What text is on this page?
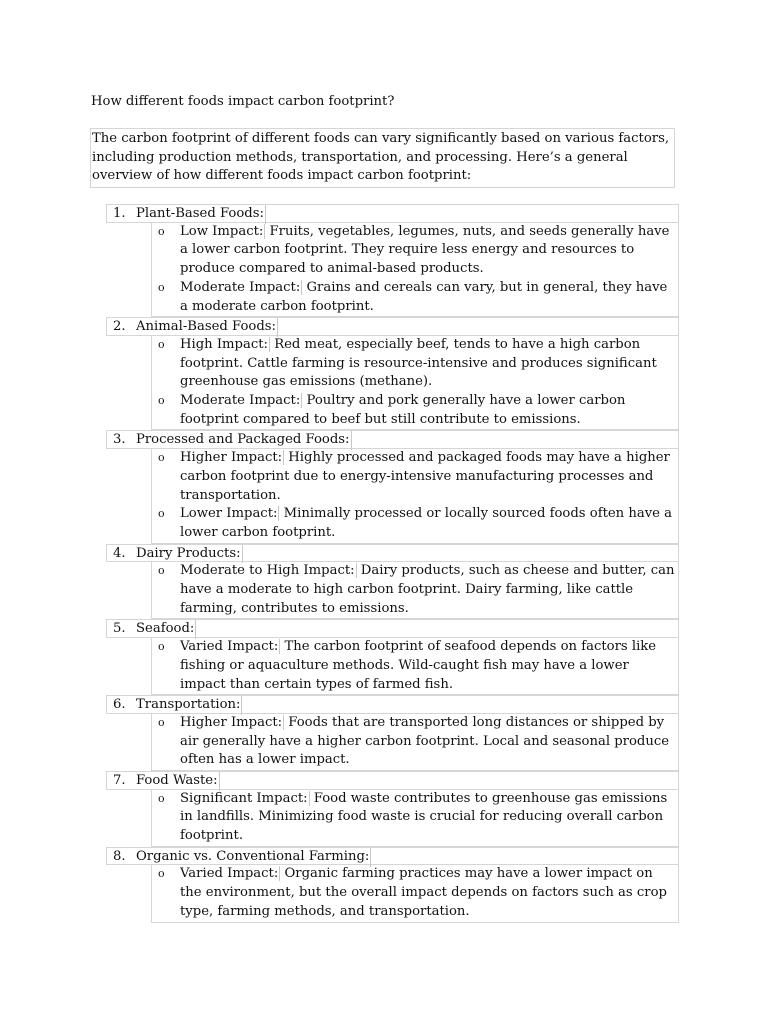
How different foods impact carbon footprint?
The carbon footprint of different foods can vary significantly based on various factors, including production methods, transportation, and processing. Here’s a general overview of how different foods impact carbon footprint:
1. Plant-Based Foods:
o	Low Impact: Fruits, vegetables, legumes, nuts, and seeds generally have a lower carbon footprint. They require less energy and resources to produce compared to animal-based products.
o	Moderate Impact: Grains and cereals can vary, but in general, they have a moderate carbon footprint.
2. Animal-Based Foods:
o	High Impact: Red meat, especially beef, tends to have a high carbon footprint. Cattle farming is resource-intensive and produces significant greenhouse gas emissions (methane).
o	Moderate Impact: Poultry and pork generally have a lower carbon footprint compared to beef but still contribute to emissions.
3. Processed and Packaged Foods:
o	Higher Impact: Highly processed and packaged foods may have a higher carbon footprint due to energy-intensive manufacturing processes and transportation.
o	Lower Impact: Minimally processed or locally sourced foods often have a lower carbon footprint.
4. Dairy Products:
o	Moderate to High Impact: Dairy products, such as cheese and butter, can have a moderate to high carbon footprint. Dairy farming, like cattle farming, contributes to emissions.
5. Seafood:
o	Varied Impact: The carbon footprint of seafood depends on factors like fishing or aquaculture methods. Wild-caught fish may have a lower impact than certain types of farmed fish.
6. Transportation:
o	Higher Impact: Foods that are transported long distances or shipped by air generally have a higher carbon footprint. Local and seasonal produce often has a lower impact.
7. Food Waste:
o	Significant Impact: Food waste contributes to greenhouse gas emissions in landfills. Minimizing food waste is crucial for reducing overall carbon footprint.
8. Organic vs. Conventional Farming:
o	Varied Impact: Organic farming practices may have a lower impact on the environment, but the overall impact depends on factors such as crop type, farming methods, and transportation.
